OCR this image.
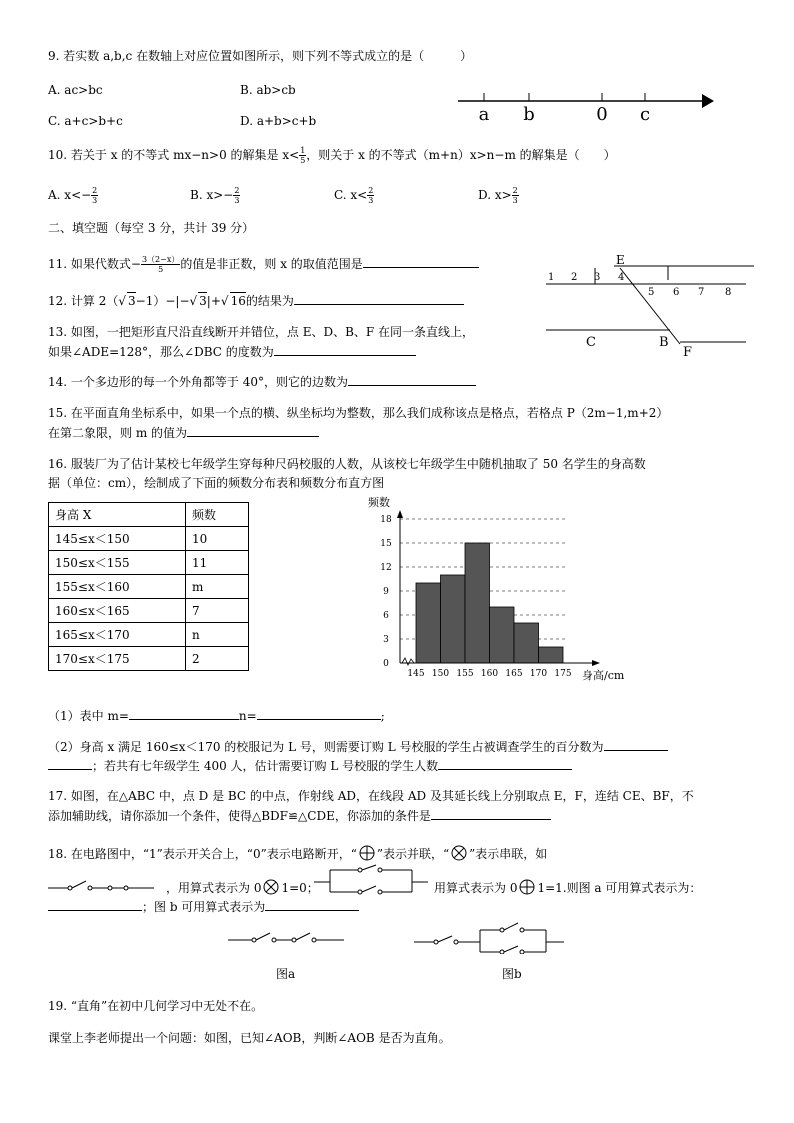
9. 若实数 a,b,c 在数轴上对应位置如图所示，则下列不等式成立的是（　　　）
A. ac>bc	B. ab>cb
C. a+c>b+c	D. a+b>c+b	a b	0 c
10. 若关于 x 的不等式 mx−n>0 的解集是 $x< \frac{1}{5}$ ，则关于 x 的不等式（m+n）x>n−m 的解集是（　　）
A. $x<- \frac{2}{3}$	B. $x>- \frac{2}{3}$	C. $x< \frac{2}{3}$	D. $x> \frac{2}{3}$
二、填空题（每空 3 分，共计 39 分）
11. 如果代数式− $\frac{3(2-x)}{5}$ 的值是非正数，则 x 的取值范围是
12. 计算 2（√ 3−1）−|−√ 3|+√ 16的结果为
13. 如图，一把矩形直尺沿直线断开并错位，点 E、D、B、F 在同一条直线上，
如果∠ADE=128°，那么∠DBC 的度数为
1 2 3 4
5 6 7 8
E
C	B
F
14. 一个多边形的每一个外角都等于 40°，则它的边数为
15. 在平面直角坐标系中，如果一个点的横、纵坐标均为整数，那么我们成称该点是格点，若格点 P（2m−1,m+2）
在第二象限，则 m 的值为
16. 服装厂为了估计某校七年级学生穿每种尺码校服的人数，从该校七年级学生中随机抽取了 50 名学生的身高数
据（单位：cm），绘制成了下面的频数分布表和频数分布直方图
身高 X	频数
145≤x＜150	10
150≤x＜155	11
155≤x＜160	m
160≤x＜165	7
165≤x＜170	n
170≤x＜175	2	0
3
6
9
12
15
18
145 150 155 160 165 170 175
频数
身高/cm
（1）表中 m=	n=	;
（2）身高 x 满足 160≤x＜170 的校服记为 L 号，则需要订购 L 号校服的学生占被调查学生的百分数为
；若共有七年级学生 400 人，估计需要订购 L 号校服的学生人数
17. 如图，在△ABC 中，点 D 是 BC 的中点，作射线 AD，在线段 AD 及其延长线上分别取点 E，F，连结 CE、BF，不
添加辅助线，请你添加一个条件，使得△BDF≌△CDE，你添加的条件是
18. 在电路图中，“1”表示开关合上，“0”表示电路断开，“ ”表示并联，“ ”表示串联，如
，用算式表示为 0 1=0；	用算式表示为 0 1=1.则图 a 可用算式表示为：
；图 b 可用算式表示为
图a	图b
19. “直角”在初中几何学习中无处不在。
课堂上李老师提出一个问题：如图，已知∠AOB，判断∠AOB 是否为直角。
